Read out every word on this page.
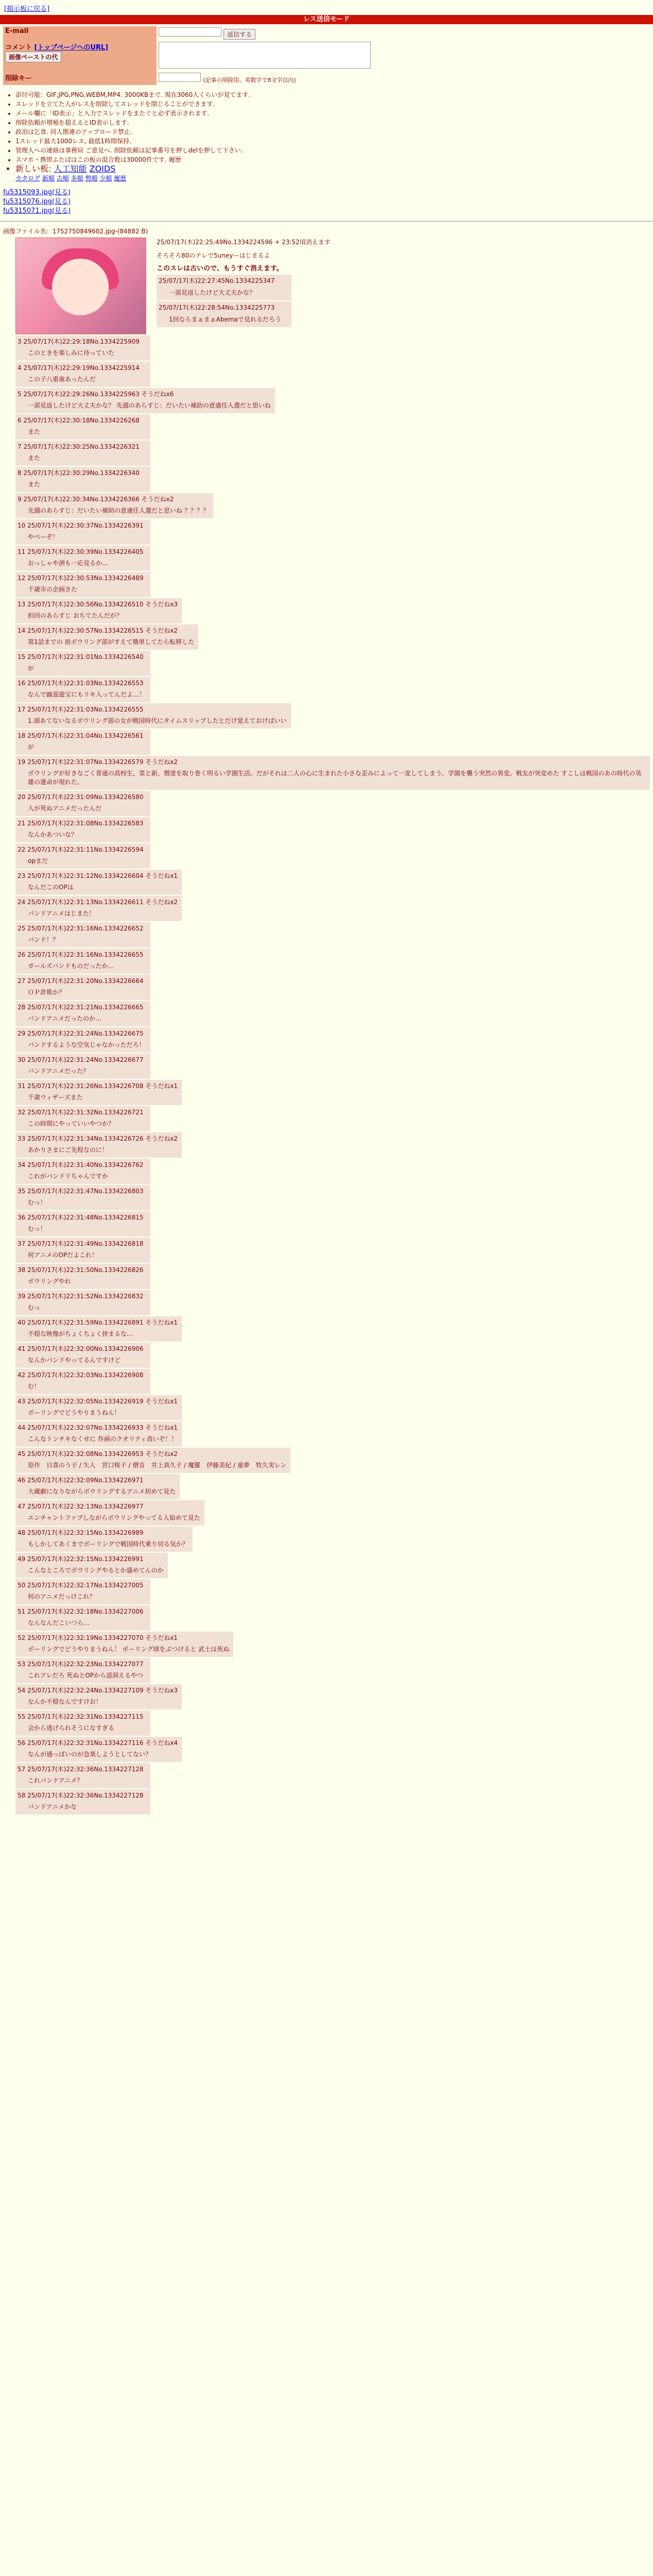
[掲示板に戻る]
レス送信モード
E-mail	返信する
コメント [トップページへのURL] 画像ペーストの代	
削除キー	(記事の削除用、英数字で8文字以内)
• 添付可能：GIF,JPG,PNG,WEBM,MP4. 3000KBまで. 現在3060人くらいが見てます.
• スレッドを立てた人がレスを削除してスレッドを閉じることができます.
• メール欄に「ID表示」と入力でスレッドをまたぐと必ず表示されます.
• 削除依頼が増頻を超えるとID表示します.
• 政治は乞食. 同人関連のアップロード禁止.
• 1スレッド最大1000レス, 最低1時間保持.
• 管理人への連絡は事務局 ご意見へ. 削除依頼は記事番号を押しdelを押して下さい.
• スマホ・携帯ふたばはこの板の混合数は30000件です. 履歴
• 新しい板: 人工知能 ZOIDS
カタログ 新順 古順 多順 勢順 少順 履歴
fu5315093.jpg(見る)
fu5315076.jpg(見る)
fu5315071.jpg(見る)
画像ファイル名：1752750849602.jpg-(84882 B)
25/07/17(木)22:25:49No.1334224596 + 23:52頃消えます
そろそろ80のテレで5uneyーはじまるよ
このスレは古いので、もうすぐ消えます。
25/07/17(木)22:27:45No.1334225347
一部見返したけど大丈夫かな？

25/07/17(木)22:28:54No.1334225773
1回ならまぁまぁAbemaで見れるだろう
3 25/07/17(木)22:29:18No.1334225909
このときを楽しみに待っていた
4 25/07/17(木)22:29:19No.1334225914
この子八重歯あったんだ
5 25/07/17(木)22:29:26No.1334225963 そうだねx6
一部見返したけど大丈夫かな？ 先週のあらすじ：だいたい補助の意適任人選だと思いね
6 25/07/17(木)22:30:18No.1334226268
また
7 25/07/17(木)22:30:25No.1334226321
また
8 25/07/17(木)22:30:29No.1334226340
また
9 25/07/17(木)22:30:34No.1334226366 そうだねx2
先週のあらすじ：だいたい補助の意適任人選だと思いね ？？？？
10 25/07/17(木)22:30:37No.1334226391
やべーぞ！
11 25/07/17(木)22:30:39No.1334226405
おっしゃや酒も一応見るか…
12 25/07/17(木)22:30:53No.1334226489
千歳市の企画さた
13 25/07/17(木)22:30:56No.1334226510 そうだねx3
担回のあらすじ おちてたんだが？
14 25/07/17(木)22:30:57No.1334226515 そうだねx2
第1話までの 前ボウリング部がすえて簡単してたら転移した
15 25/07/17(木)22:31:01No.1334226540
が
16 25/07/17(木)22:31:03No.1334226553
なんで幽霊遊宝にもリキ入ってんだよ…！
17 25/07/17(木)22:31:03No.1334226555
1.頭あてないなるボウリング部の女が戦国時代にタイムスリップしたとだけ覚えておけばいい
18 25/07/17(木)22:31:04No.1334226561
が
19 25/07/17(木)22:31:07No.1334226579 そうだねx2
ボウリングが好きなごく普通の高校生、菜と新。僧達を取り巻く明るい学園生活。だがそれは二人の心に生まれた小さな歪みによって一変してしまう。学園を襲う突然の異変。戦友が突変めた すこしは戦国のあの時代の英雄の運命が現れた。
20 25/07/17(木)22:31:09No.1334226580
入が死ぬアニメだったんだ
21 25/07/17(木)22:31:08No.1334226583
なんかあついな？
22 25/07/17(木)22:31:11No.1334226594
opまだ
23 25/07/17(木)22:31:12No.1334226604 そうだねx1
なんだこのOPは
24 25/07/17(木)22:31:13No.1334226611 そうだねx2
バンドアニメはじまた！
25 25/07/17(木)22:31:16No.1334226652
バンド！？
26 25/07/17(木)22:31:16No.1334226655
ガールズバンドものだったか…
27 25/07/17(木)22:31:20No.1334226664
ＯＰ詐欺か？
28 25/07/17(木)22:31:21No.1334226665
バンドアニメだったのか…
29 25/07/17(木)22:31:24No.1334226675
バンドするような空気じゃなかっただろ！
30 25/07/17(木)22:31:24No.1334226677
バンドアニメだった？
31 25/07/17(木)22:31:26No.1334226708 そうだねx1
千歳ウィザーズまた
32 25/07/17(木)22:31:32No.1334226721
この時間にやっていいやつか？
33 25/07/17(木)22:31:34No.1334226726 そうだねx2
あかりさまにご先程なのに！
34 25/07/17(木)22:31:40No.1334226762
これがバンドリちゃんですか
35 25/07/17(木)22:31:47No.1334226803
むっ！
36 25/07/17(木)22:31:48No.1334226815
むっ！
37 25/07/17(木)22:31:49No.1334226818
何アニメのOPだよこれ！
38 25/07/17(木)22:31:50No.1334226826
ボウリングやれ
39 25/07/17(木)22:31:52No.1334226832
むっ
40 25/07/17(木)22:31:59No.1334226891 そうだねx1
不穏な映像がちょくちょく挟まるな…
41 25/07/17(木)22:32:00No.1334226906
なんかバンドやってるんですけど
42 25/07/17(木)22:32:03No.1334226908
む！
43 25/07/17(木)22:32:05No.1334226919 そうだねx1
ボーリングでどうやりまうねん！
44 25/07/17(木)22:32:07No.1334226933 そうだねx1
こんなトンチキなくせに 作画のクオリティ高いぞ！！
45 25/07/17(木)22:32:08No.1334226953 そうだねx2
原作　日喜のう子 / 矢人　宮口桜子 / 僧音　井上真久子 / 魔羅　伊藤美紀 / 童夢　牧久実レン
46 25/07/17(木)22:32:09No.1334226971
大蔵劇になりながらボウリングするアニメ初めて見た
47 25/07/17(木)22:32:13No.1334226977
エンチャントファブしながらボウリングやってる人始めて見た
48 25/07/17(木)22:32:15No.1334226989
もしかしてあくまでボーリングで戦国時代乗り切る気か？
49 25/07/17(木)22:32:15No.1334226991
こんなところでボウリングやるとか盛めてんのか
50 25/07/17(木)22:32:17No.1334227005
何のアニメだっけこれ？
51 25/07/17(木)22:32:18No.1334227006
なんなんだこいつら…
52 25/07/17(木)22:32:19No.1334227070 そうだねx1
ボーリングでどうやりまうねん！ ボーリング球をぶつけると 武士は死ぬ
53 25/07/17(木)22:32:23No.1334227077
これアレだろ 死ぬとOPから退洞えるやつ
54 25/07/17(木)22:32:24No.1334227109 そうだねx3
なんか不穏なんですけお！
55 25/07/17(木)22:32:31No.1334227115
会から逃げられそうになすぎる
56 25/07/17(木)22:32:31No.1334227116 そうだねx4
なんが通っぱいのが急楽しようとしてない？
57 25/07/17(木)22:32:36No.1334227128
これバンドアニメ？
58 25/07/17(木)22:32:36No.1334227128
バンドアニメかな
